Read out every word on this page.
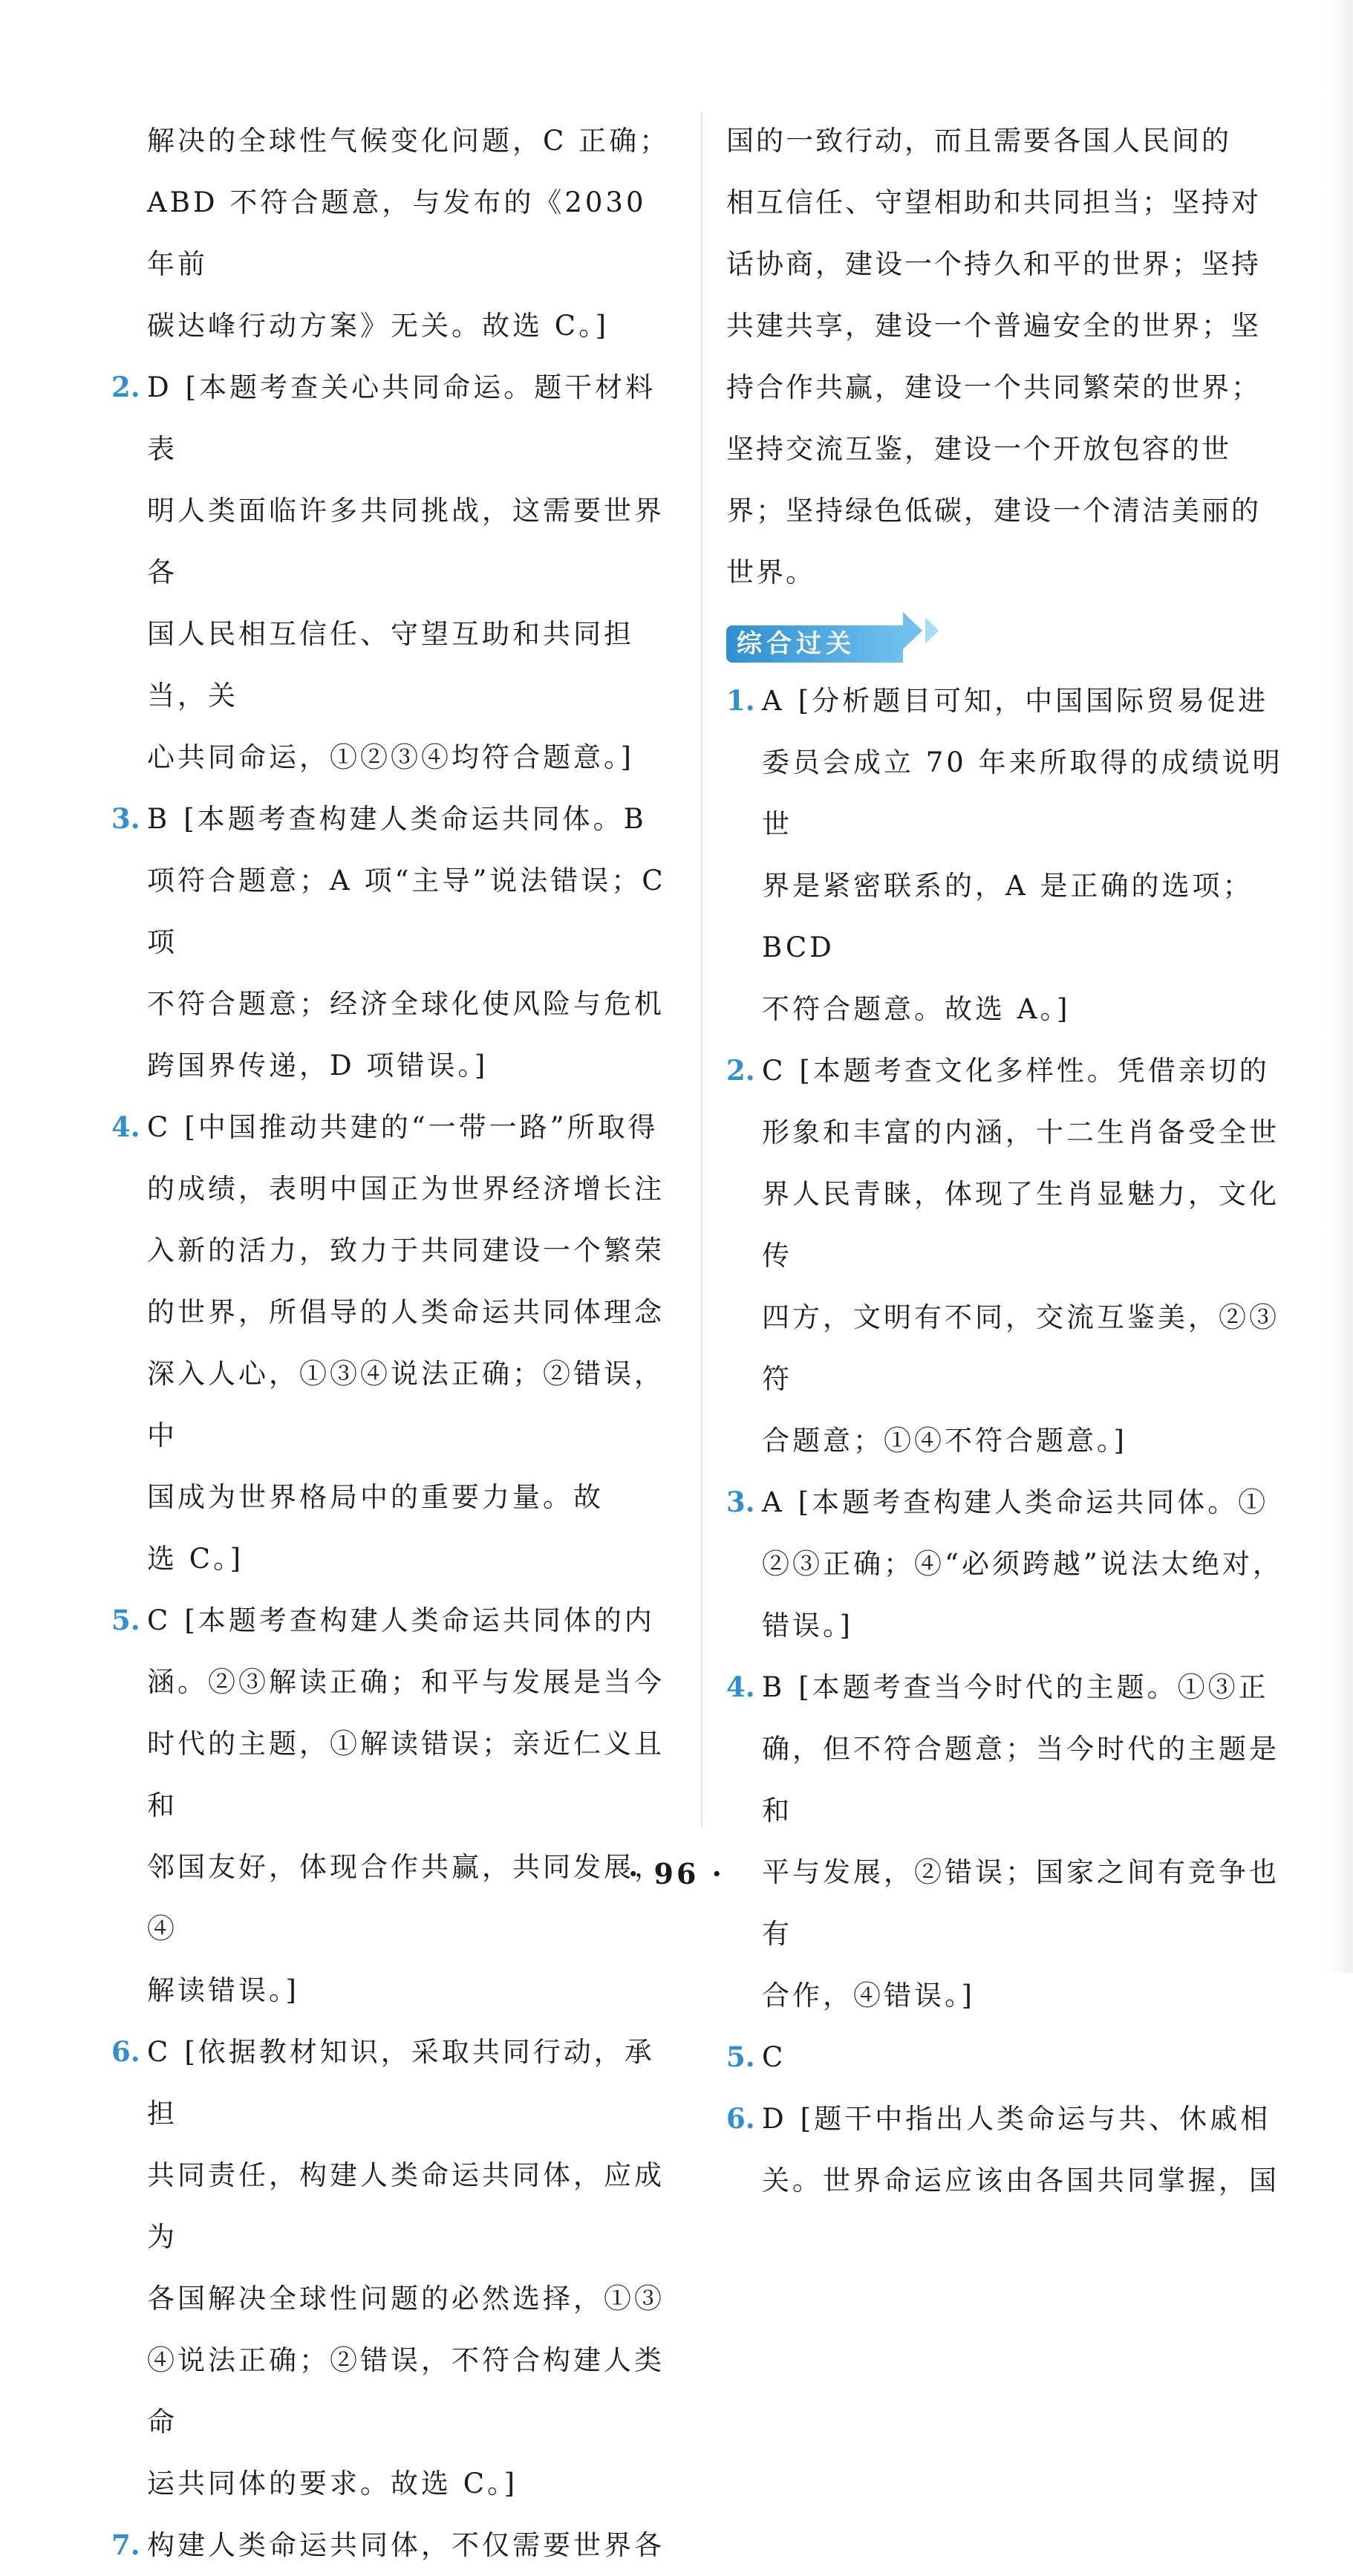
解决的全球性气候变化问题，C 正确；
ABD 不符合题意，与发布的《2030 年前
碳达峰行动方案》无关。故选 C。]
2. D [本题考查关心共同命运。题干材料表
明人类面临许多共同挑战，这需要世界各
国人民相互信任、守望互助和共同担当，关
心共同命运，①②③④均符合题意。]
3. B [本题考查构建人类命运共同体。B
项符合题意；A 项“主导”说法错误；C 项
不符合题意；经济全球化使风险与危机
跨国界传递，D 项错误。]
4. C [中国推动共建的“一带一路”所取得
的成绩，表明中国正为世界经济增长注
入新的活力，致力于共同建设一个繁荣
的世界，所倡导的人类命运共同体理念
深入人心，①③④说法正确；②错误，中
国成为世界格局中的重要力量。故
选 C。]
5. C [本题考查构建人类命运共同体的内
涵。②③解读正确；和平与发展是当今
时代的主题，①解读错误；亲近仁义且和
邻国友好，体现合作共赢，共同发展，④
解读错误。]
6. C [依据教材知识，采取共同行动，承担
共同责任，构建人类命运共同体，应成为
各国解决全球性问题的必然选择，①③
④说法正确；②错误，不符合构建人类命
运共同体的要求。故选 C。]
7. 构建人类命运共同体，不仅需要世界各
国的一致行动，而且需要各国人民间的
相互信任、守望相助和共同担当；坚持对
话协商，建设一个持久和平的世界；坚持
共建共享，建设一个普遍安全的世界；坚
持合作共赢，建设一个共同繁荣的世界；
坚持交流互鉴，建设一个开放包容的世
界；坚持绿色低碳，建设一个清洁美丽的
世界。
综合过关
1. A [分析题目可知，中国国际贸易促进
委员会成立 70 年来所取得的成绩说明世
界是紧密联系的，A 是正确的选项；BCD
不符合题意。故选 A。]
2. C [本题考查文化多样性。凭借亲切的
形象和丰富的内涵，十二生肖备受全世
界人民青睐，体现了生肖显魅力，文化传
四方，文明有不同，交流互鉴美，②③符
合题意；①④不符合题意。]
3. A [本题考查构建人类命运共同体。①
②③正确；④“必须跨越”说法太绝对，
错误。]
4. B [本题考查当今时代的主题。①③正
确，但不符合题意；当今时代的主题是和
平与发展，②错误；国家之间有竞争也有
合作，④错误。]
5. C
6. D [题干中指出人类命运与共、休戚相
关。世界命运应该由各国共同掌握，国
· 96 ·
